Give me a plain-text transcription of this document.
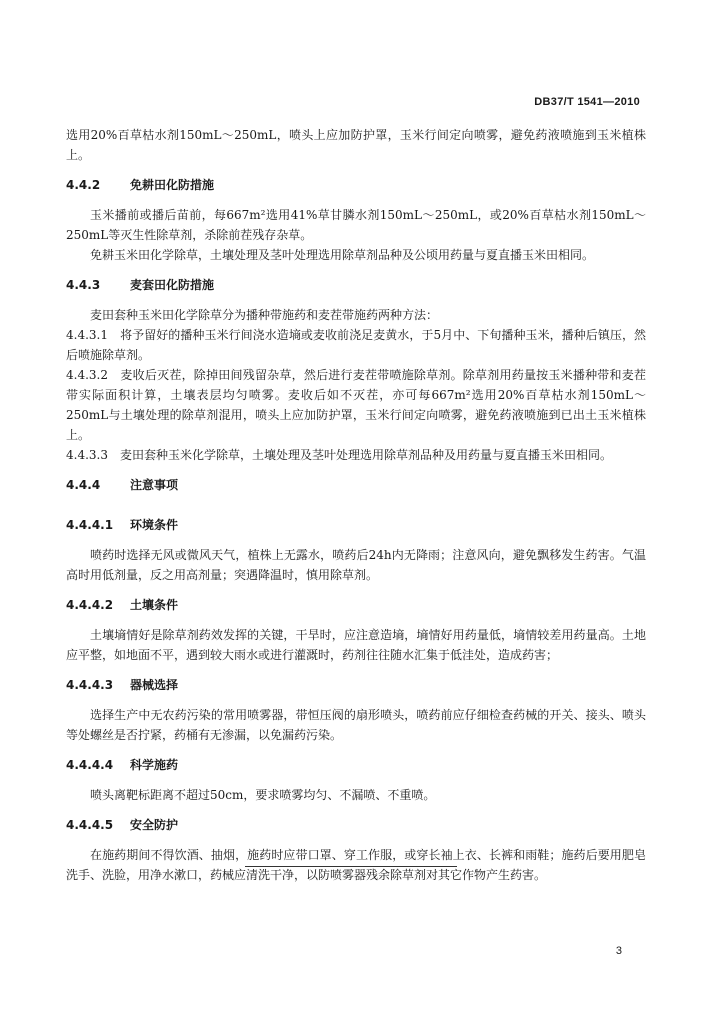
DB37/T 1541—2010

选用20%百草枯水剂150mL～250mL，喷头上应加防护罩，玉米行间定向喷雾，避免药液喷施到玉米植株上。

4.4.2 免耕田化防措施

玉米播前或播后苗前，每667m²选用41%草甘膦水剂150mL～250mL，或20%百草枯水剂150mL～250mL等灭生性除草剂，杀除前茬残存杂草。

免耕玉米田化学除草，土壤处理及茎叶处理选用除草剂品种及公顷用药量与夏直播玉米田相同。

4.4.3 麦套田化防措施

麦田套种玉米田化学除草分为播种带施药和麦茬带施药两种方法：

4.4.3.1　将予留好的播种玉米行间浇水造墒或麦收前浇足麦黄水，于5月中、下旬播种玉米，播种后镇压，然后喷施除草剂。

4.4.3.2　麦收后灭茬，除掉田间残留杂草，然后进行麦茬带喷施除草剂。除草剂用药量按玉米播种带和麦茬带实际面积计算，土壤表层均匀喷雾。麦收后如不灭茬，亦可每667m²选用20%百草枯水剂150mL～250mL与土壤处理的除草剂混用，喷头上应加防护罩，玉米行间定向喷雾，避免药液喷施到已出土玉米植株上。

4.4.3.3　麦田套种玉米化学除草，土壤处理及茎叶处理选用除草剂品种及用药量与夏直播玉米田相同。

4.4.4 注意事项
4.4.4.1 环境条件

喷药时选择无风或微风天气，植株上无露水，喷药后24h内无降雨；注意风向，避免飘移发生药害。气温高时用低剂量，反之用高剂量；突遇降温时，慎用除草剂。

4.4.4.2 土壤条件

土壤墒情好是除草剂药效发挥的关键，干旱时，应注意造墒，墒情好用药量低，墒情较差用药量高。土地应平整，如地面不平，遇到较大雨水或进行灌溉时，药剂往往随水汇集于低洼处，造成药害；

4.4.4.3 器械选择

选择生产中无农药污染的常用喷雾器，带恒压阀的扇形喷头，喷药前应仔细检查药械的开关、接头、喷头等处螺丝是否拧紧，药桶有无渗漏，以免漏药污染。

4.4.4.4 科学施药

喷头离靶标距离不超过50cm，要求喷雾均匀、不漏喷、不重喷。

4.4.4.5 安全防护

在施药期间不得饮酒、抽烟，施药时应带口罩、穿工作服，或穿长袖上衣、长裤和雨鞋；施药后要用肥皂洗手、洗脸，用净水漱口，药械应清洗干净，以防喷雾器残余除草剂对其它作物产生药害。

3
